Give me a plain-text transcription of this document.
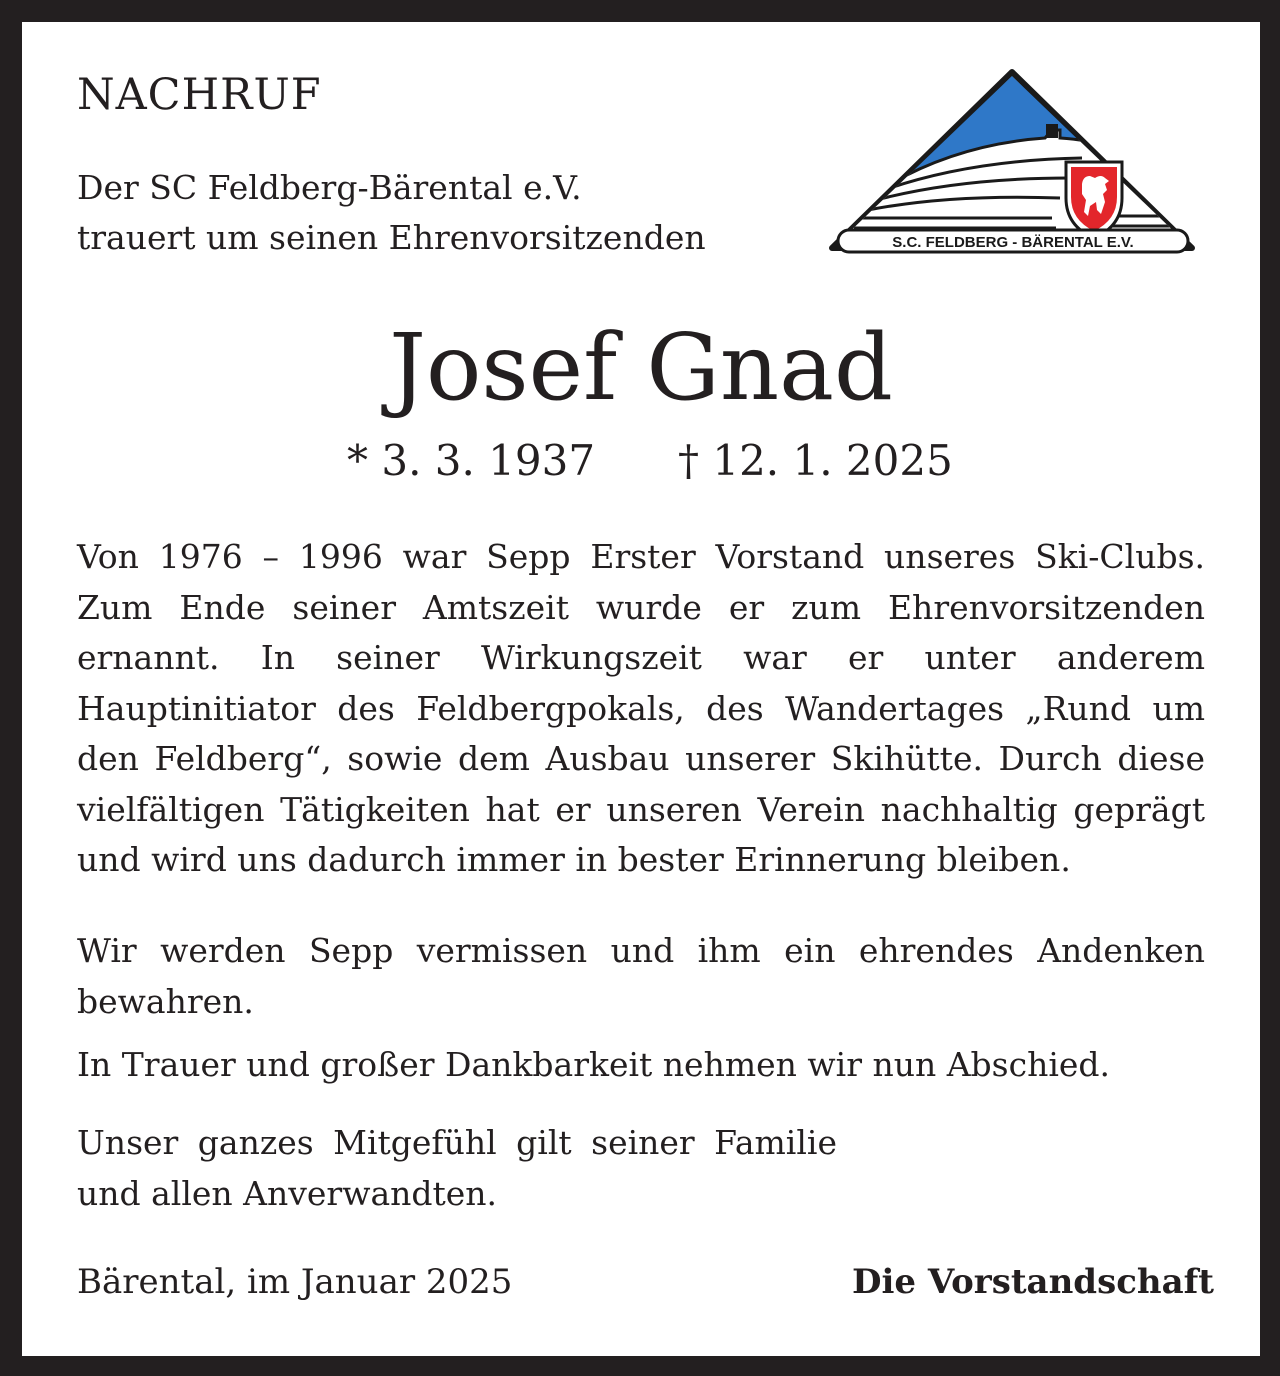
NACHRUF

Der SC Feldberg-Bärental e.V.

trauert um seinen Ehrenvorsitzenden	S.C. FELDBERG - BÄRENTAL E.V.

Josef Gnad

* 3. 3. 1937 † 12. 1. 2025

Von 1976 – 1996 war Sepp Erster Vorstand unseres Ski-Clubs. Zum Ende seiner Amtszeit wurde er zum Ehrenvorsitzenden ernannt. In seiner Wirkungszeit war er unter anderem Hauptinitiator des Feldbergpokals, des Wandertages „Rund um den Feldberg“, sowie dem Ausbau unserer Skihütte. Durch diese vielfältigen Tätigkeiten hat er unseren Verein nachhaltig geprägt und wird uns dadurch immer in bester Erinnerung bleiben.

Wir werden Sepp vermissen und ihm ein ehrendes Andenken bewahren.

In Trauer und großer Dankbarkeit nehmen wir nun Abschied.

Unser ganzes Mitgefühl gilt seiner Familie und allen Anverwandten.

Bärental, im Januar 2025	Die Vorstandschaft
